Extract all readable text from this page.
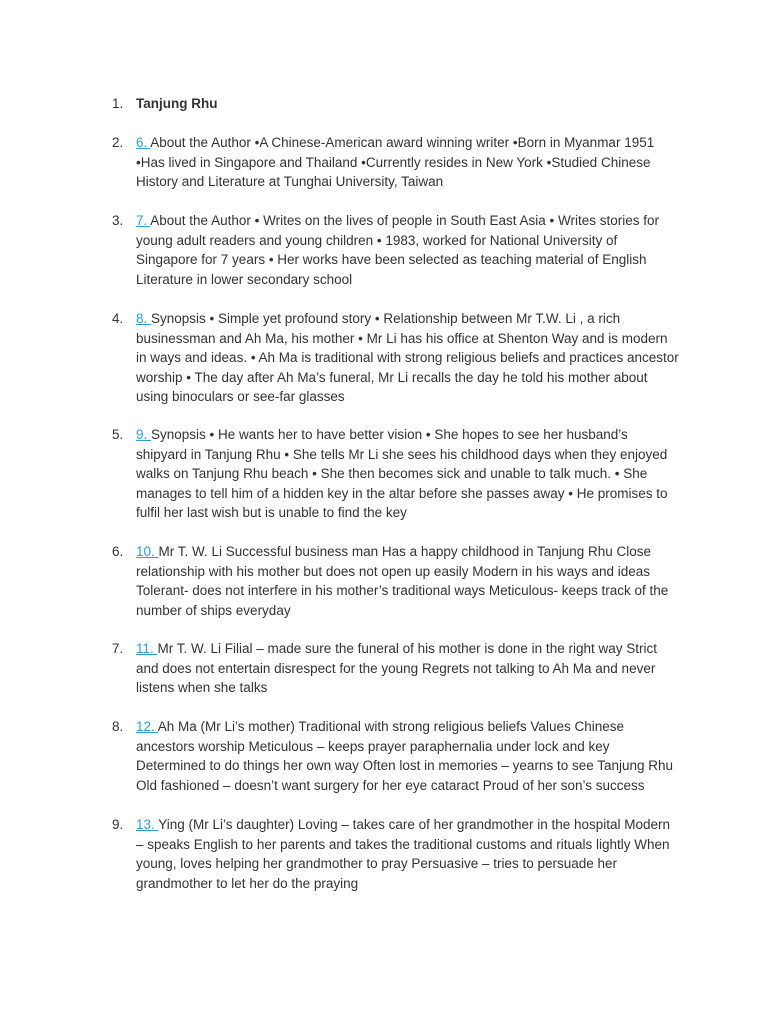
1. Tanjung Rhu
2. 6. About the Author •A Chinese-American award winning writer •Born in Myanmar 1951 •Has lived in Singapore and Thailand •Currently resides in New York •Studied Chinese History and Literature at Tunghai University, Taiwan
3. 7. About the Author • Writes on the lives of people in South East Asia • Writes stories for young adult readers and young children • 1983, worked for National University of Singapore for 7 years • Her works have been selected as teaching material of English Literature in lower secondary school
4. 8. Synopsis • Simple yet profound story • Relationship between Mr T.W. Li , a rich businessman and Ah Ma, his mother • Mr Li has his office at Shenton Way and is modern in ways and ideas. • Ah Ma is traditional with strong religious beliefs and practices ancestor worship • The day after Ah Ma’s funeral, Mr Li recalls the day he told his mother about using binoculars or see-far glasses
5. 9. Synopsis • He wants her to have better vision • She hopes to see her husband’s shipyard in Tanjung Rhu • She tells Mr Li she sees his childhood days when they enjoyed walks on Tanjung Rhu beach • She then becomes sick and unable to talk much. • She manages to tell him of a hidden key in the altar before she passes away • He promises to fulfil her last wish but is unable to find the key
6. 10. Mr T. W. Li Successful business man Has a happy childhood in Tanjung Rhu Close relationship with his mother but does not open up easily Modern in his ways and ideas Tolerant- does not interfere in his mother’s traditional ways Meticulous- keeps track of the number of ships everyday
7. 11. Mr T. W. Li Filial – made sure the funeral of his mother is done in the right way Strict and does not entertain disrespect for the young Regrets not talking to Ah Ma and never listens when she talks
8. 12. Ah Ma (Mr Li’s mother) Traditional with strong religious beliefs Values Chinese ancestors worship Meticulous – keeps prayer paraphernalia under lock and key Determined to do things her own way Often lost in memories – yearns to see Tanjung Rhu Old fashioned – doesn’t want surgery for her eye cataract Proud of her son’s success
9. 13. Ying (Mr Li’s daughter) Loving – takes care of her grandmother in the hospital Modern – speaks English to her parents and takes the traditional customs and rituals lightly When young, loves helping her grandmother to pray Persuasive – tries to persuade her grandmother to let her do the praying
